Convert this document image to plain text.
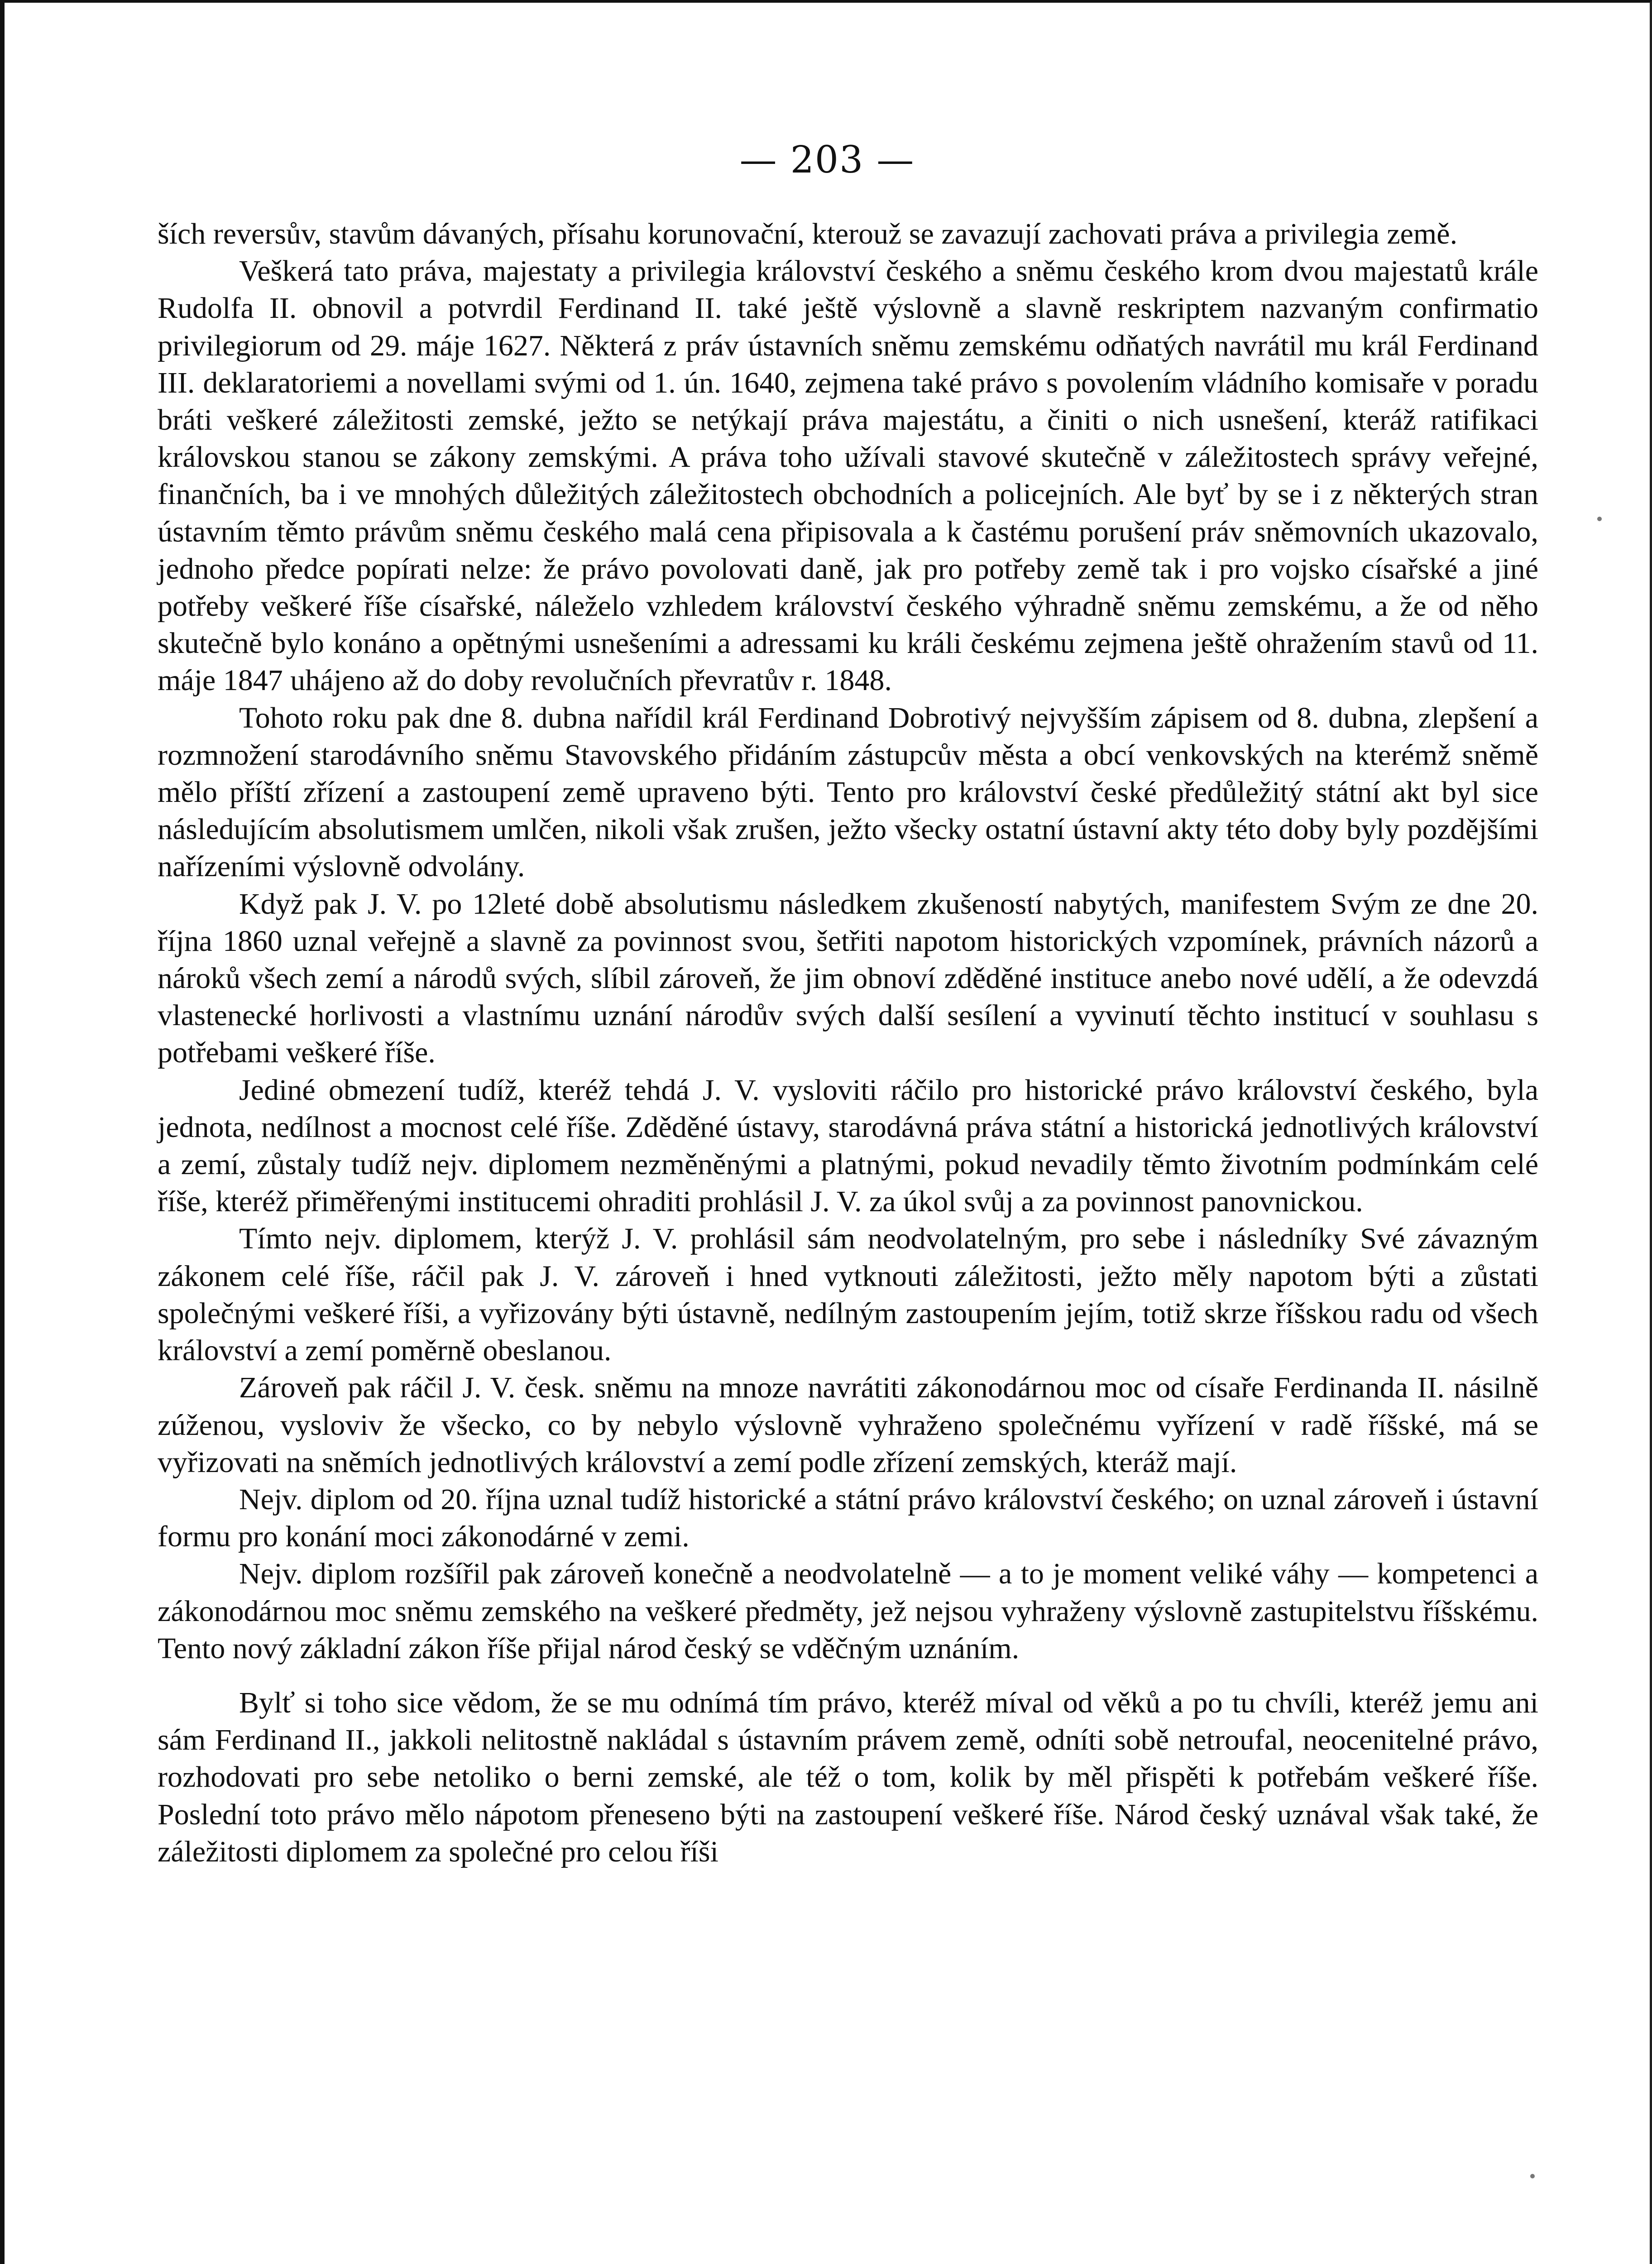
— 203 —

ších reversův, stavům dávaných, přísahu korunovační, kterouž se zavazují zachovati práva a privilegia země.

Veškerá tato práva, majestaty a privilegia království českého a sněmu českého krom dvou majestatů krále Rudolfa II. obnovil a potvrdil Ferdinand II. také ještě výslovně a slavně reskriptem nazvaným confirmatio privilegiorum od 29. máje 1627. Některá z práv ústavních sněmu zemskému odňatých navrátil mu král Ferdinand III. deklaratoriemi a novellami svými od 1. ún. 1640, zejmena také právo s povolením vládního komisaře v poradu bráti veškeré záležitosti zemské, ježto se netýkají práva majestátu, a činiti o nich usnešení, kteráž ratifikaci královskou stanou se zákony zemskými. A práva toho užívali stavové skutečně v záležitostech správy veřejné, finančních, ba i ve mnohých důležitých záležitostech obchodních a policejních. Ale byť by se i z některých stran ústavním těmto právům sněmu českého malá cena připisovala a k častému porušení práv sněmovních ukazovalo, jednoho předce popírati nelze: že právo povolovati daně, jak pro potřeby země tak i pro vojsko císařské a jiné potřeby veškeré říše císařské, náleželo vzhledem království českého výhradně sněmu zemskému, a že od něho skutečně bylo konáno a opětnými usnešeními a adressami ku králi českému zejmena ještě ohražením stavů od 11. máje 1847 uhájeno až do doby revolučních převratův r. 1848.

Tohoto roku pak dne 8. dubna nařídil král Ferdinand Dobrotivý nejvyšším zápisem od 8. dubna, zlepšení a rozmnožení starodávního sněmu Stavovského přidáním zástupcův města a obcí venkovských na kterémž sněmě mělo příští zřízení a zastoupení země upraveno býti. Tento pro království české předůležitý státní akt byl sice následujícím absolutismem umlčen, nikoli však zrušen, ježto všecky ostatní ústavní akty této doby byly pozdějšími nařízeními výslovně odvolány.

Když pak J. V. po 12leté době absolutismu následkem zkušeností nabytých, manifestem Svým ze dne 20. října 1860 uznal veřejně a slavně za povinnost svou, šetřiti napotom historických vzpomínek, právních názorů a nároků všech zemí a národů svých, slíbil zároveň, že jim obnoví zděděné instituce anebo nové udělí, a že odevzdá vlastenecké horlivosti a vlastnímu uznání národův svých další sesílení a vyvinutí těchto institucí v souhlasu s potřebami veškeré říše.

Jediné obmezení tudíž, kteréž tehdá J. V. vysloviti ráčilo pro historické právo království českého, byla jednota, nedílnost a mocnost celé říše. Zděděné ústavy, starodávná práva státní a historická jednotlivých království a zemí, zůstaly tudíž nejv. diplomem nezměněnými a platnými, pokud nevadily těmto životním podmínkám celé říše, kteréž přiměřenými institucemi ohraditi prohlásil J. V. za úkol svůj a za povinnost panovnickou.

Tímto nejv. diplomem, kterýž J. V. prohlásil sám neodvolatelným, pro sebe i následníky Své závazným zákonem celé říše, ráčil pak J. V. zároveň i hned vytknouti záležitosti, ježto měly napotom býti a zůstati společnými veškeré říši, a vyřizovány býti ústavně, nedílným zastoupením jejím, totiž skrze říšskou radu od všech království a zemí poměrně obeslanou.

Zároveň pak ráčil J. V. česk. sněmu na mnoze navrátiti zákonodárnou moc od císaře Ferdinanda II. násilně zúženou, vysloviv že všecko, co by nebylo výslovně vyhraženo společnému vyřízení v radě říšské, má se vyřizovati na sněmích jednotlivých království a zemí podle zřízení zemských, kteráž mají.

Nejv. diplom od 20. října uznal tudíž historické a státní právo království českého; on uznal zároveň i ústavní formu pro konání moci zákonodárné v zemi.

Nejv. diplom rozšířil pak zároveň konečně a neodvolatelně — a to je moment veliké váhy — kompetenci a zákonodárnou moc sněmu zemského na veškeré předměty, jež nejsou vyhraženy výslovně zastupitelstvu říšskému. Tento nový základní zákon říše přijal národ český se vděčným uznáním.

Bylť si toho sice vědom, že se mu odnímá tím právo, kteréž míval od věků a po tu chvíli, kteréž jemu ani sám Ferdinand II., jakkoli nelitostně nakládal s ústavním právem země, odníti sobě netroufal, neocenitelné právo, rozhodovati pro sebe netoliko o berni zemské, ale též o tom, kolik by měl přispěti k potřebám veškeré říše. Poslední toto právo mělo nápotom přeneseno býti na zastoupení veškeré říše. Národ český uznával však také, že záležitosti diplomem za společné pro celou říši
